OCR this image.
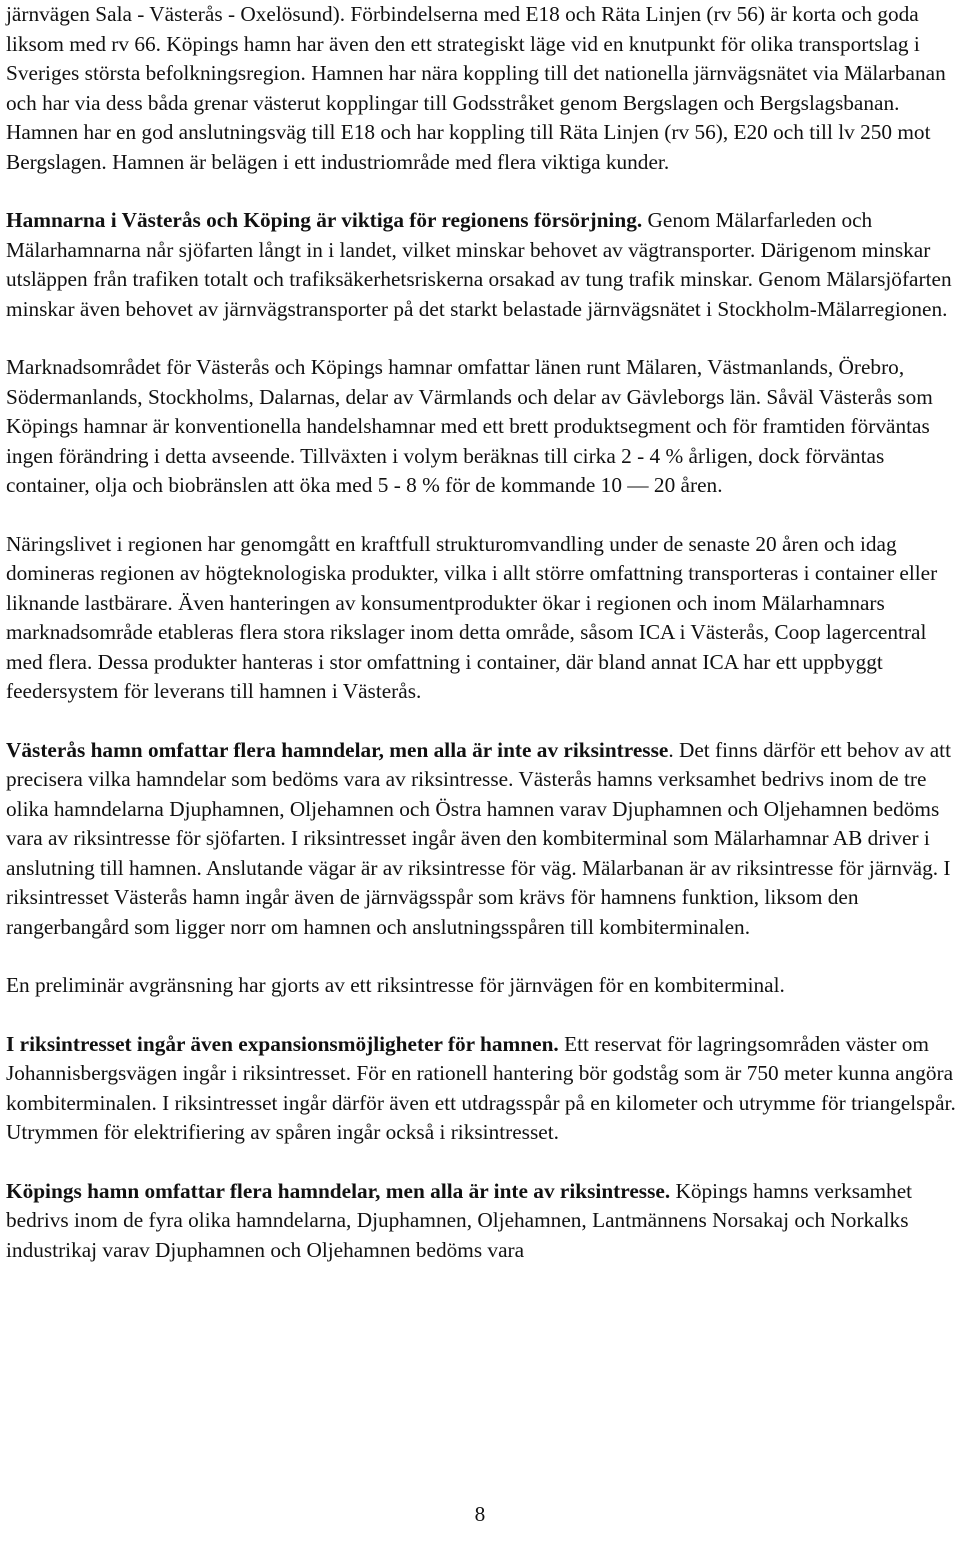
järnvägen Sala - Västerås - Oxelösund). Förbindelserna med E18 och Räta Linjen (rv 56) är korta och goda liksom med rv 66. Köpings hamn har även den ett strategiskt läge vid en knutpunkt för olika transportslag i Sveriges största befolkningsregion. Hamnen har nära koppling till det nationella järnvägsnätet via Mälarbanan och har via dess båda grenar västerut kopplingar till Godsstråket genom Bergslagen och Bergslagsbanan. Hamnen har en god anslutningsväg till E18 och har koppling till Räta Linjen (rv 56), E20 och till lv 250 mot Bergslagen. Hamnen är belägen i ett industriområde med flera viktiga kunder.

Hamnarna i Västerås och Köping är viktiga för regionens försörjning. Genom Mälarfarleden och Mälarhamnarna når sjöfarten långt in i landet, vilket minskar behovet av vägtransporter. Därigenom minskar utsläppen från trafiken totalt och trafiksäkerhetsriskerna orsakad av tung trafik minskar. Genom Mälarsjöfarten minskar även behovet av järnvägstransporter på det starkt belastade järnvägsnätet i Stockholm-Mälarregionen.

Marknadsområdet för Västerås och Köpings hamnar omfattar länen runt Mälaren, Västmanlands, Örebro, Södermanlands, Stockholms, Dalarnas, delar av Värmlands och delar av Gävleborgs län. Såväl Västerås som Köpings hamnar är konventionella handelshamnar med ett brett produktsegment och för framtiden förväntas ingen förändring i detta avseende. Tillväxten i volym beräknas till cirka 2 - 4 % årligen, dock förväntas container, olja och biobränslen att öka med 5 - 8 % för de kommande 10 — 20 åren.

Näringslivet i regionen har genomgått en kraftfull strukturomvandling under de senaste 20 åren och idag domineras regionen av högteknologiska produkter, vilka i allt större omfattning transporteras i container eller liknande lastbärare. Även hanteringen av konsumentprodukter ökar i regionen och inom Mälarhamnars marknadsområde etableras flera stora rikslager inom detta område, såsom ICA i Västerås, Coop lagercentral med flera. Dessa produkter hanteras i stor omfattning i container, där bland annat ICA har ett uppbyggt feedersystem för leverans till hamnen i Västerås.

Västerås hamn omfattar flera hamndelar, men alla är inte av riksintresse. Det finns därför ett behov av att precisera vilka hamndelar som bedöms vara av riksintresse. Västerås hamns verksamhet bedrivs inom de tre olika hamndelarna Djuphamnen, Oljehamnen och Östra hamnen varav Djuphamnen och Oljehamnen bedöms vara av riksintresse för sjöfarten. I riksintresset ingår även den kombiterminal som Mälarhamnar AB driver i anslutning till hamnen. Anslutande vägar är av riksintresse för väg. Mälarbanan är av riksintresse för järnväg. I riksintresset Västerås hamn ingår även de järnvägsspår som krävs för hamnens funktion, liksom den rangerbangård som ligger norr om hamnen och anslutningsspåren till kombiterminalen.

En preliminär avgränsning har gjorts av ett riksintresse för järnvägen för en kombiterminal.

I riksintresset ingår även expansionsmöjligheter för hamnen. Ett reservat för lagringsområden väster om Johannisbergsvägen ingår i riksintresset. För en rationell hantering bör godståg som är 750 meter kunna angöra kombiterminalen. I riksintresset ingår därför även ett utdragsspår på en kilometer och utrymme för triangelspår. Utrymmen för elektrifiering av spåren ingår också i riksintresset.

Köpings hamn omfattar flera hamndelar, men alla är inte av riksintresse. Köpings hamns verksamhet bedrivs inom de fyra olika hamndelarna, Djuphamnen, Oljehamnen, Lantmännens Norsakaj och Norkalks industrikaj varav Djuphamnen och Oljehamnen bedöms vara

8
